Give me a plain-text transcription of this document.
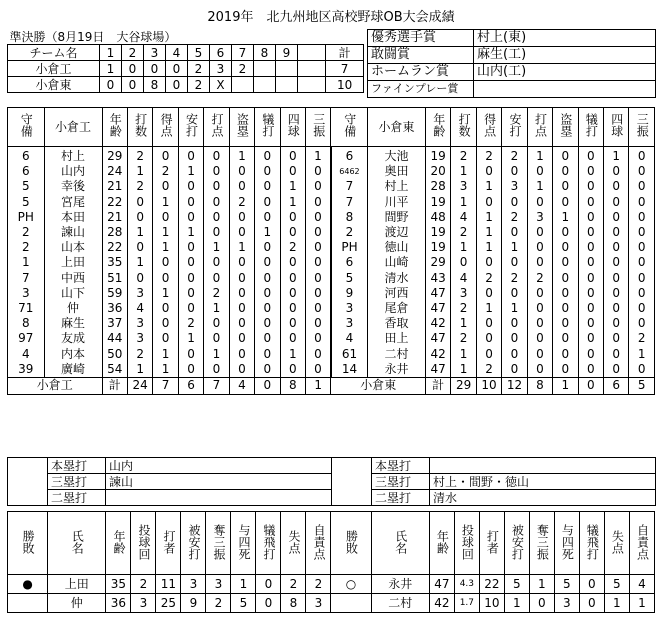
2019年　北九州地区高校野球OB大会成績
準決勝（8月19日　大谷球場）											
チーム名	1	2	3	4	5	6	7	8	9		計
小倉工	1	0	0	0	2	3	2				7
小倉東	0	0	8	0	2	X					10
優秀選手賞	村上(東)
敢闘賞	麻生(工)
ホームラン賞	山内(工)
ファインプレー賞	
守備	小倉工	年齢	打数	得点	安打	打点	盗塁	犠打	四球	三振	守備	小倉東	年齢	打数	得点	安打	打点	盗塁	犠打	四球	三振
6	村上	29	2	0	0	0	1	0	0	1	6	大池	19	2	2	2	1	0	0	1	0
6	山内	24	1	2	1	0	0	0	0	0	6462	奥田	20	1	0	0	0	0	0	0	0
5	幸後	21	2	0	0	0	0	0	1	0	7	村上	28	3	1	3	1	0	0	0	0
5	宮尾	22	0	1	0	0	2	0	1	0	7	川平	19	1	0	0	0	0	0	0	0
PH	本田	21	0	0	0	0	0	0	0	0	8	間野	48	4	1	2	3	1	0	0	0
2	諫山	28	1	1	1	0	0	1	0	0	2	渡辺	19	2	1	0	0	0	0	0	0
2	山本	22	0	1	0	1	1	0	2	0	PH	徳山	19	1	1	1	0	0	0	0	0
1	上田	35	1	0	0	0	0	0	0	0	6	山崎	29	0	0	0	0	0	0	0	0
7	中西	51	0	0	0	0	0	0	0	0	5	清水	43	4	2	2	2	0	0	0	0
3	山下	59	3	1	0	2	0	0	0	0	9	河西	47	3	0	0	0	0	0	0	0
71	仲	36	4	0	0	1	0	0	0	0	3	尾倉	47	2	1	1	0	0	0	0	0
8	麻生	37	3	0	2	0	0	0	0	0	3	香取	42	1	0	0	0	0	0	0	0
97	友成	44	3	0	1	0	0	0	0	0	4	田上	47	2	0	0	0	0	0	0	2
4	内本	50	2	1	0	1	0	0	1	0	61	二村	42	1	0	0	0	0	0	0	1
39	廣崎	54	1	1	0	0	0	0	0	0	14	永井	47	1	2	0	0	0	0	0	0
小倉工		計	24	7	6	7	4	0	8	1	小倉東		計	29	10	12	8	1	0	6	5
	本塁打	山内		本塁打	
	三塁打	諫山		三塁打	村上・間野・徳山
	二塁打			二塁打	清水
勝敗	氏名	年齢	投球回	打者	被安打	奪三振	与四死	犠飛打	失点	自責点	勝敗	氏名	年齢	投球回	打者	被安打	奪三振	与四死	犠飛打	失点	自責点
●	上田	35	2	11	3	3	1	0	2	2	○	永井	47	4.3	22	5	1	5	0	5	4
	仲	36	3	25	9	2	5	0	8	3		二村	42	1.7	10	1	0	3	0	1	1
